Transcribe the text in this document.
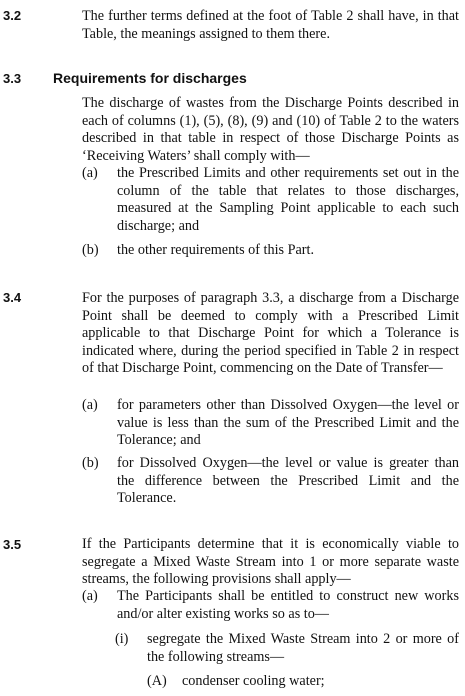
3.2	The further terms defined at the foot of Table 2 shall have, in that Table, the meanings assigned to them there.

3.3 Requirements for discharges

The discharge of wastes from the Discharge Points described in each of columns (1), (5), (8), (9) and (10) of Table 2 to the waters described in that table in respect of those Discharge Points as ‘Receiving Waters’ shall comply with—

(a) the Prescribed Limits and other requirements set out in the column of the table that relates to those discharges, measured at the Sampling Point applicable to each such discharge; and
(b) the other requirements of this Part.
3.4	For the purposes of paragraph 3.3, a discharge from a Discharge Point shall be deemed to comply with a Prescribed Limit applicable to that Discharge Point for which a Tolerance is indicated where, during the period specified in Table 2 in respect of that Discharge Point, commencing on the Date of Transfer—

(a) for parameters other than Dissolved Oxygen—the level or value is less than the sum of the Prescribed Limit and the Tolerance; and
(b) for Dissolved Oxygen—the level or value is greater than the difference between the Prescribed Limit and the Tolerance.
3.5	If the Participants determine that it is economically viable to segregate a Mixed Waste Stream into 1 or more separate waste streams, the following provisions shall apply—

(a) The Participants shall be entitled to construct new works and/or alter existing works so as to—
(i) segregate the Mixed Waste Stream into 2 or more of the following streams—
(A) condenser cooling water;
